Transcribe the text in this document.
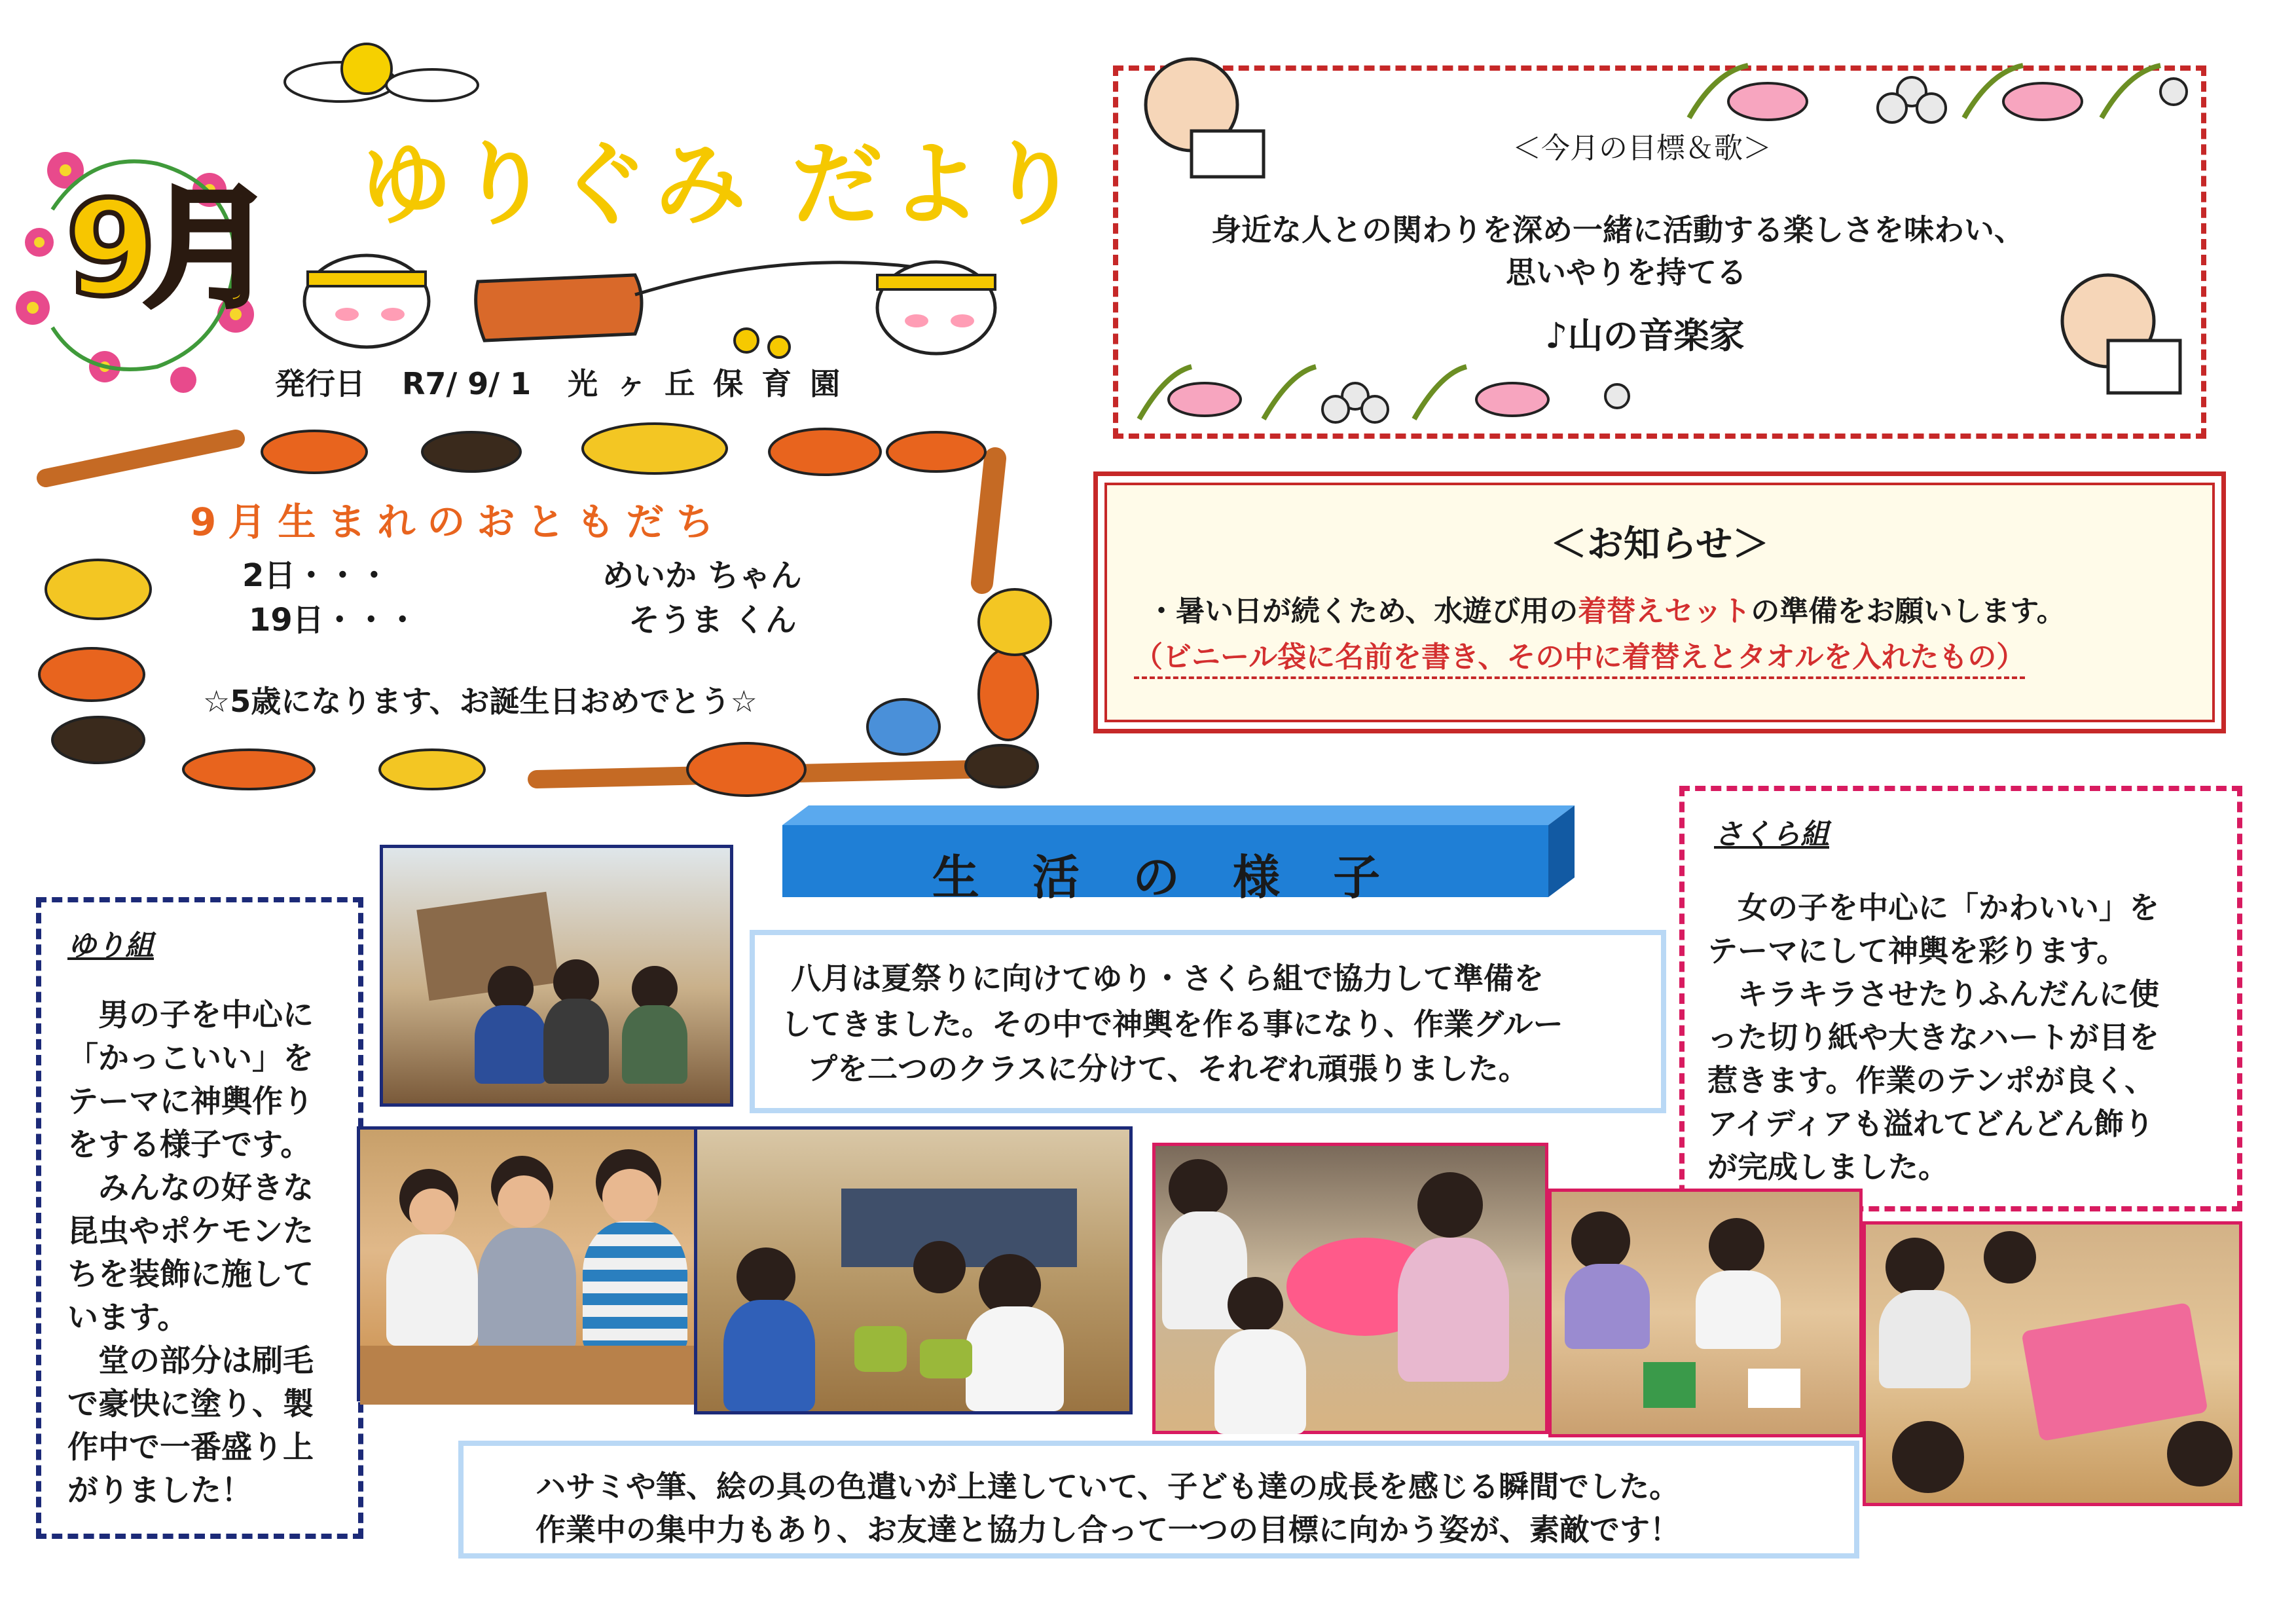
9月 ゆりぐみ だより
発行日 R7/ 9/ 1 光 ヶ 丘 保 育 園
9月生まれのおともだち
2日・・・	めいか ちゃん
19日・・・	そうま くん
☆5歳になります、お誕生日おめでとう☆
＜今月の目標＆歌＞
身近な人との関わりを深め一緒に活動する楽しさを味わい、
思いやりを持てる
♪山の音楽家
＜お知らせ＞
・暑い日が続くため、水遊び用の着替えセットの準備をお願いします。
（ビニール袋に名前を書き、その中に着替えとタオルを入れたもの）
生 活 の 様 子
八月は夏祭りに向けてゆり・さくら組で協力して準備を
してきました。その中で神輿を作る事になり、作業グルー
プを二つのクラスに分けて、それぞれ頑張りました。
ゆり組
　男の子を中心に
「かっこいい」を
テーマに神輿作り
をする様子です。
　みんなの好きな
昆虫やポケモンた
ちを装飾に施して
います。
　堂の部分は刷毛
で豪快に塗り、製
作中で一番盛り上
がりました！
さくら組
　女の子を中心に「かわいい」を
テーマにして神輿を彩ります。
　キラキラさせたりふんだんに使
った切り紙や大きなハートが目を
惹きます。作業のテンポが良く、
アイディアも溢れてどんどん飾り
が完成しました。
ハサミや筆、絵の具の色遣いが上達していて、子ども達の成長を感じる瞬間でした。
作業中の集中力もあり、お友達と協力し合って一つの目標に向かう姿が、素敵です！
